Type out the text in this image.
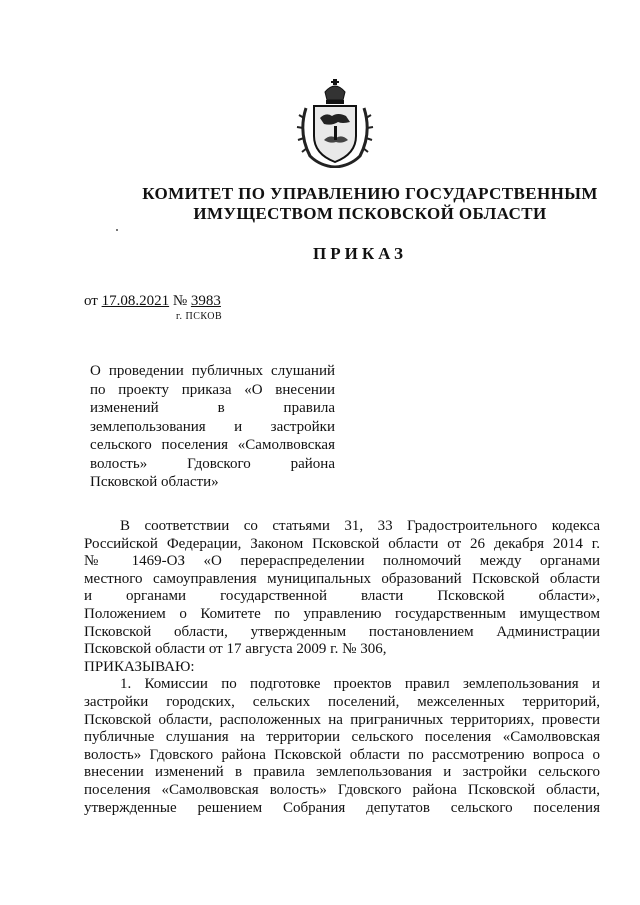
КОМИТЕТ ПО УПРАВЛЕНИЮ ГОСУДАРСТВЕННЫМ
ИМУЩЕСТВОМ ПСКОВСКОЙ ОБЛАСТИ
ПРИКАЗ
от 17.08.2021 № 3983
г. ПСКОВ
О проведении публичных слушаний
по проекту приказа «О внесении
изменений в правила
землепользования и застройки
сельского поселения «Самолвовская
волость» Гдовского района
Псковской области»
В соответствии со статьями 31, 33 Градостроительного кодекса
Российской Федерации, Законом Псковской области от 26 декабря 2014 г.
№ 1469-ОЗ «О перераспределении полномочий между органами
местного самоуправления муниципальных образований Псковской области
и органами государственной власти Псковской области»,
Положением о Комитете по управлению государственным имуществом
Псковской области, утвержденным постановлением Администрации
Псковской области от 17 августа 2009 г. № 306,
ПРИКАЗЫВАЮ:
1. Комиссии по подготовке проектов правил землепользования и
застройки городских, сельских поселений, межселенных территорий,
Псковской области, расположенных на приграничных территориях, провести
публичные слушания на территории сельского поселения «Самолвовская
волость» Гдовского района Псковской области по рассмотрению вопроса о
внесении изменений в правила землепользования и застройки сельского
поселения «Самолвовская волость» Гдовского района Псковской области,
утвержденные решением Собрания депутатов сельского поселения
